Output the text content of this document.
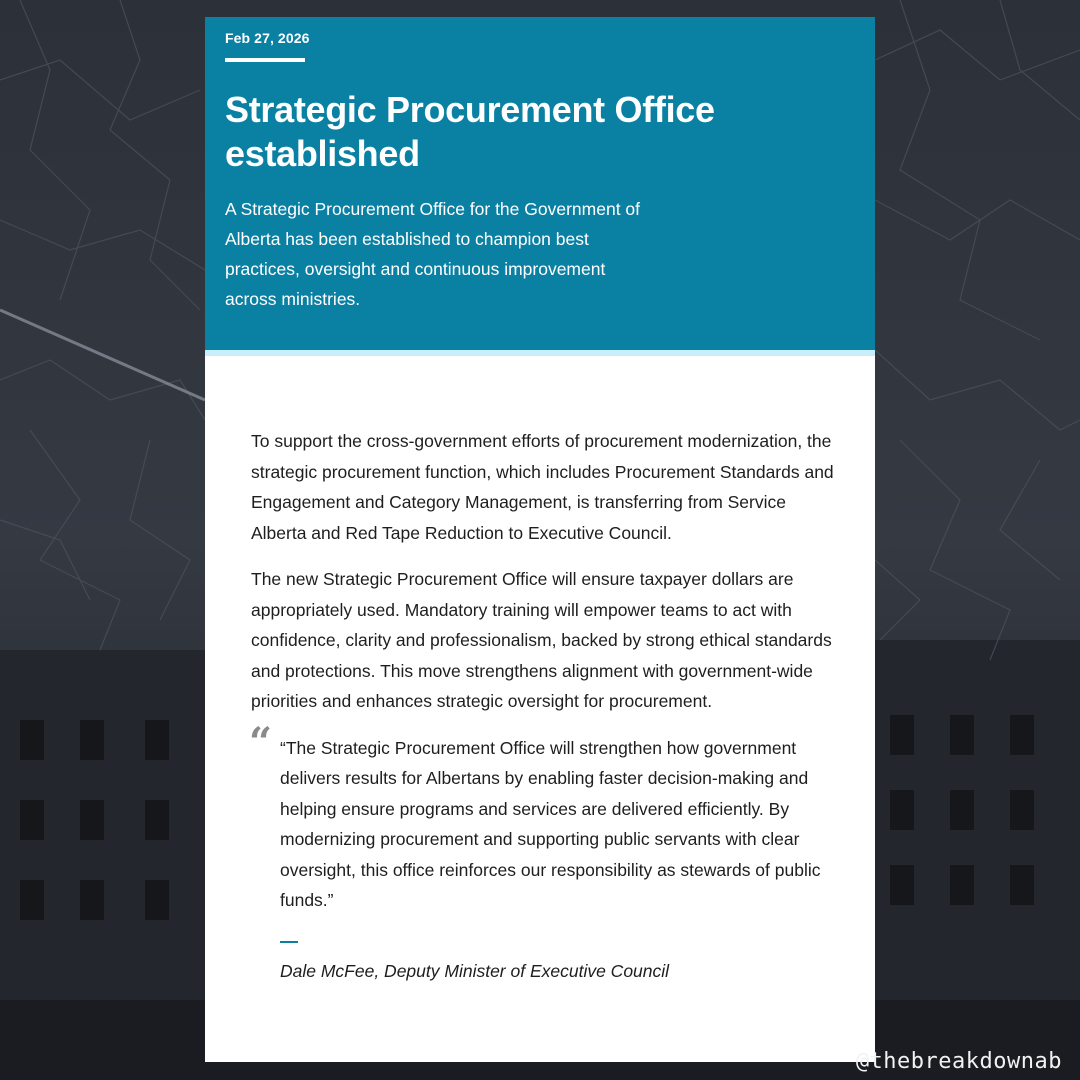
Feb 27, 2026
Strategic Procurement Office established

A Strategic Procurement Office for the Government of Alberta has been established to champion best practices, oversight and continuous improvement across ministries.

To support the cross-government efforts of procurement modernization, the strategic procurement function, which includes Procurement Standards and Engagement and Category Management, is transferring from Service Alberta and Red Tape Reduction to Executive Council.

The new Strategic Procurement Office will ensure taxpayer dollars are appropriately used. Mandatory training will empower teams to act with confidence, clarity and professionalism, backed by strong ethical standards and protections. This move strengthens alignment with government-wide priorities and enhances strategic oversight for procurement.

“ “The Strategic Procurement Office will strengthen how government delivers results for Albertans by enabling faster decision-making and helping ensure programs and services are delivered efficiently. By modernizing procurement and supporting public servants with clear oversight, this office reinforces our responsibility as stewards of public funds.”

Dale McFee, Deputy Minister of Executive Council
@thebreakdownab
